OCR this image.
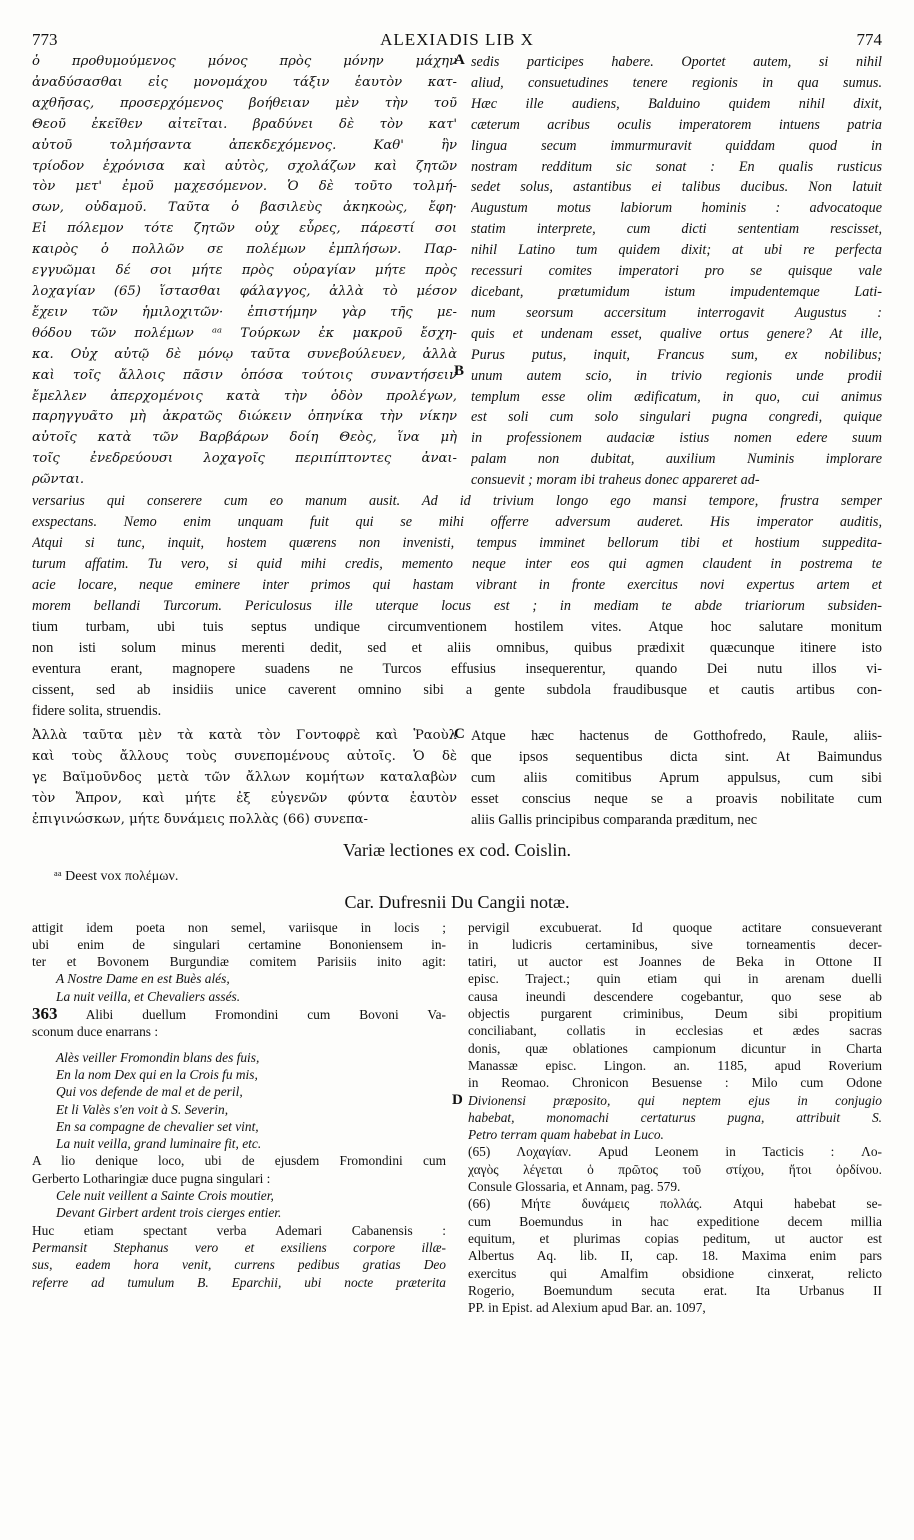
773	ALEXIADIS LIB X	774
ὁ προθυμούμενος μόνος πρὸς μόνην μάχην
ἀναδύσασθαι εἰς μονομάχου τάξιν ἑαυτὸν κατ-
αχθῆσας, προσερχόμενος βοήθειαν μὲν τὴν τοῦ
Θεοῦ ἐκεῖθεν αἰτεῖται. βραδύνει δὲ τὸν κατ'
αὐτοῦ τολμήσαντα ἀπεκδεχόμενος. Καθ' ἣν
τρίοδον ἐχρόνισα καὶ αὐτὸς, σχολάζων καὶ ζητῶν
τὸν μετ' ἐμοῦ μαχεσόμενον. Ὁ δὲ τοῦτο τολμή-
σων, οὐδαμοῦ. Ταῦτα ὁ βασιλεὺς ἀκηκοὼς, ἔφη·
Εἰ πόλεμον τότε ζητῶν οὐχ εὗρες, πάρεστί σοι
καιρὸς ὁ πολλῶν σε πολέμων ἐμπλήσων. Παρ-
εγγυῶμαι δέ σοι μήτε πρὸς οὐραγίαν μήτε πρὸς
λοχαγίαν (65) ἵστασθαι φάλαγγος, ἀλλὰ τὸ μέσον
ἔχειν τῶν ἡμιλοχιτῶν· ἐπιστήμην γὰρ τῆς με-
θόδου τῶν πολέμων ᵃᵃ Τούρκων ἐκ μακροῦ ἔσχη-
κα. Οὐχ αὐτῷ δὲ μόνῳ ταῦτα συνεβούλευεν, ἀλλὰ
καὶ τοῖς ἄλλοις πᾶσιν ὁπόσα τούτοις συναντήσειν
ἔμελλεν ἀπερχομένοις κατὰ τὴν ὁδὸν προλέγων,
παρηγγυᾶτο μὴ ἀκρατῶς διώκειν ὁπηνίκα τὴν νίκην
αὐτοῖς κατὰ τῶν Βαρβάρων δοίη Θεὸς, ἵνα μὴ
τοῖς ἐνεδρεύουσι λοχαγοῖς περιπίπτοντες ἀναι-
ρῶνται.
A
B
sedis participes habere. Oportet autem, si nihil
aliud, consuetudines tenere regionis in qua sumus.
Hæc ille audiens, Balduino quidem nihil dixit,
cæterum acribus oculis imperatorem intuens patria
lingua secum immurmuravit quiddam quod in
nostram redditum sic sonat : En qualis rusticus
sedet solus, astantibus ei talibus ducibus. Non latuit
Augustum motus labiorum hominis : advocatoque
statim interprete, cum dicti sententiam rescisset,
nihil Latino tum quidem dixit; at ubi re perfecta
recessuri comites imperatori pro se quisque vale
dicebant, prætumidum istum impudentemque Lati-
num seorsum accersitum interrogavit Augustus :
quis et undenam esset, qualive ortus genere? At ille,
Purus putus, inquit, Francus sum, ex nobilibus;
unum autem scio, in trivio regionis unde prodii
templum esse olim ædificatum, in quo, cui animus
est soli cum solo singulari pugna congredi, quique
in professionem audaciæ istius nomen edere suum
palam non dubitat, auxilium Numinis implorare
consuevit ; moram ibi traheus donec appareret ad-
versarius qui conserere cum eo manum ausit. Ad id trivium longo ego mansi tempore, frustra semper
exspectans. Nemo enim unquam fuit qui se mihi offerre adversum auderet. His imperator auditis,
Atqui si tunc, inquit, hostem quærens non invenisti, tempus imminet bellorum tibi et hostium suppedita-
turum affatim. Tu vero, si quid mihi credis, memento neque inter eos qui agmen claudent in postrema te
acie locare, neque eminere inter primos qui hastam vibrant in fronte exercitus novi expertus artem et
morem bellandi Turcorum. Periculosus ille uterque locus est ; in mediam te abde triariorum subsiden-
tium turbam, ubi tuis septus undique circumventionem hostilem vites. Atque hoc salutare monitum
non isti solum minus merenti dedit, sed et aliis omnibus, quibus prædixit quæcunque itinere isto
eventura erant, magnopere suadens ne Turcos effusius insequerentur, quando Dei nutu illos vi-
cissent, sed ab insidiis unice caverent omnino sibi a gente subdola fraudibusque et cautis artibus con-
fidere solita, struendis.
Ἀλλὰ ταῦτα μὲν τὰ κατὰ τὸν Γοντοφρὲ καὶ Ῥαοὺλ
καὶ τοὺς ἄλλους τοὺς συνεπομένους αὐτοῖς. Ὁ δὲ
γε Βαϊμοῦνδος μετὰ τῶν ἄλλων κομήτων καταλαβὼν
τὸν Ἄπρον, καὶ μήτε ἐξ εὐγενῶν φύντα ἑαυτὸν
ἐπιγινώσκων, μήτε δυνάμεις πολλὰς (66) συνεπα-
C Atque hæc hactenus de Gotthofredo, Raule, aliis-
que ipsos sequentibus dicta sint. At Baimundus
cum aliis comitibus Aprum appulsus, cum sibi
esset conscius neque se a proavis nobilitate cum
aliis Gallis principibus comparanda præditum, nec
Variæ lectiones ex cod. Coislin.
ᵃᵃ Deest vox πολέμων.
Car. Dufresnii Du Cangii notæ.
attigit idem poeta non semel, variisque in locis ;
ubi enim de singulari certamine Bononiensem in-
ter et Bovonem Burgundiæ comitem Parisiis inito agit:
A Nostre Dame en est Buès alés,
La nuit veilla, et Chevaliers assés.
363 Alibi duellum Fromondini cum Bovoni Va-
sconum duce enarrans :
Alès veiller Fromondin blans des fuis,
En la nom Dex qui en la Crois fu mis,
Qui vos defende de mal et de peril,
Et li Valès s'en voit à S. Severin,
En sa compagne de chevalier set vint,
La nuit veilla, grand luminaire fit, etc.
A lio denique loco, ubi de ejusdem Fromondini cum
Gerberto Lotharingiæ duce pugna singulari :
Cele nuit veillent a Sainte Crois moutier,
Devant Girbert ardent trois cierges entier.
Huc etiam spectant verba Ademari Cabanensis :
Permansit Stephanus vero et exsiliens corpore illæ-
sus, eadem hora venit, currens pedibus gratias Deo
referre ad tumulum B. Eparchii, ubi nocte præterita
D
pervigil excubuerat. Id quoque actitare consueverant
in ludicris certaminibus, sive torneamentis decer-
tatiri, ut auctor est Joannes de Beka in Ottone II
episc. Traject.; quin etiam qui in arenam duelli
causa ineundi descendere cogebantur, quo sese ab
objectis purgarent criminibus, Deum sibi propitium
conciliabant, collatis in ecclesias et ædes sacras
donis, quæ oblationes campionum dicuntur in Charta
Manassæ episc. Lingon. an. 1185, apud Roverium
in Reomao. Chronicon Besuense : Milo cum Odone
Divionensi præposito, qui neptem ejus in conjugio
habebat, monomachi certaturus pugna, attribuit S.
Petro terram quam habebat in Luco.
(65) Λοχαγίαν. Apud Leonem in Tacticis : Λο-
χαγὸς λέγεται ὁ πρῶτος τοῦ στίχου, ἤτοι ὀρδίνου.
Consule Glossaria, et Annam, pag. 579.
(66) Μήτε δυνάμεις πολλάς. Atqui habebat se-
cum Boemundus in hac expeditione decem millia
equitum, et plurimas copias peditum, ut auctor est
Albertus Aq. lib. II, cap. 18. Maxima enim pars
exercitus qui Amalfim obsidione cinxerat, relicto
Rogerio, Boemundum secuta erat. Ita Urbanus II
PP. in Epist. ad Alexium apud Bar. an. 1097,
